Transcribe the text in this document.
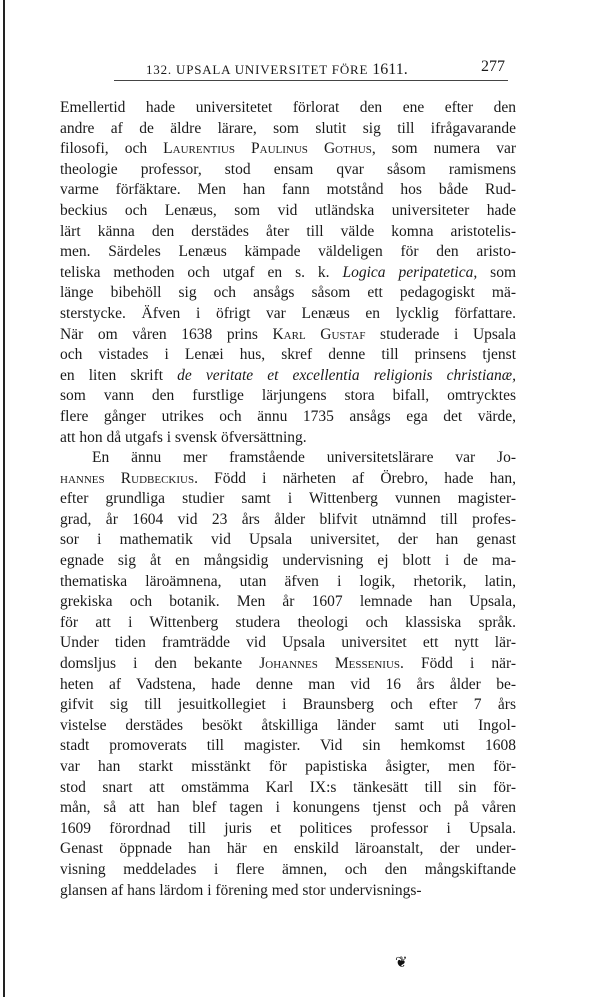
132. UPSALA UNIVERSITET FÖRE 1611.	277
Emellertid hade universitetet förlorat den ene efter den
andre af de äldre lärare, som slutit sig till ifrågavarande
filosofi, och Laurentius Paulinus Gothus, som numera var
theologie professor, stod ensam qvar såsom ramismens
varme förfäktare. Men han fann motstånd hos både Rud-
beckius och Lenæus, som vid utländska universiteter hade
lärt känna den derstädes åter till välde komna aristotelis-
men. Särdeles Lenæus kämpade väldeligen för den aristo-
teliska methoden och utgaf en s. k. Logica peripatetica, som
länge bibehöll sig och ansågs såsom ett pedagogiskt mä-
sterstycke. Äfven i öfrigt var Lenæus en lycklig författare.
När om våren 1638 prins Karl Gustaf studerade i Upsala
och vistades i Lenæi hus, skref denne till prinsens tjenst
en liten skrift de veritate et excellentia religionis christianæ,
som vann den furstlige lärjungens stora bifall, omtrycktes
flere gånger utrikes och ännu 1735 ansågs ega det värde,
att hon då utgafs i svensk öfversättning.
En ännu mer framstående universitetslärare var Jo-
hannes Rudbeckius. Född i närheten af Örebro, hade han,
efter grundliga studier samt i Wittenberg vunnen magister-
grad, år 1604 vid 23 års ålder blifvit utnämnd till profes-
sor i mathematik vid Upsala universitet, der han genast
egnade sig åt en mångsidig undervisning ej blott i de ma-
thematiska läroämnena, utan äfven i logik, rhetorik, latin,
grekiska och botanik. Men år 1607 lemnade han Upsala,
för att i Wittenberg studera theologi och klassiska språk.
Under tiden framträdde vid Upsala universitet ett nytt lär-
domsljus i den bekante Johannes Messenius. Född i när-
heten af Vadstena, hade denne man vid 16 års ålder be-
gifvit sig till jesuitkollegiet i Braunsberg och efter 7 års
vistelse derstädes besökt åtskilliga länder samt uti Ingol-
stadt promoverats till magister. Vid sin hemkomst 1608
var han starkt misstänkt för papistiska åsigter, men för-
stod snart att omstämma Karl IX:s tänkesätt till sin för-
mån, så att han blef tagen i konungens tjenst och på våren
1609 förordnad till juris et politices professor i Upsala.
Genast öppnade han här en enskild läroanstalt, der under-
visning meddelades i flere ämnen, och den mångskiftande
glansen af hans lärdom i förening med stor undervisnings-
❦
